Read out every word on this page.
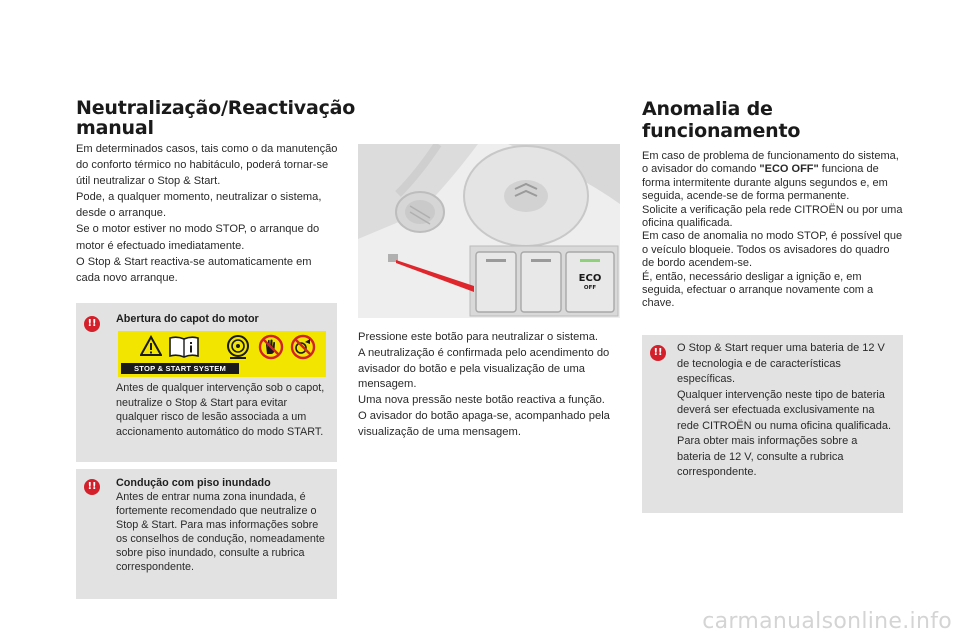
Neutralização/Reactivação
manual

Em determinados casos, tais como o da manutenção do conforto térmico no habitáculo, poderá tornar-se útil neutralizar o Stop & Start.

Pode, a qualquer momento, neutralizar o sistema, desde o arranque.

Se o motor estiver no modo STOP, o arranque do motor é efectuado imediatamente.

O Stop & Start reactiva-se automaticamente em cada novo arranque.

!!	Abertura do capot do motor
Antes de qualquer intervenção sob o capot, neutralize o Stop & Start para evitar qualquer risco de lesão associada a um accionamento automático do modo START.
STOP & START SYSTEM
!!	Condução com piso inundado
Antes de entrar numa zona inundada, é fortemente recomendado que neutralize o Stop & Start. Para mas informações sobre os conselhos de condução, nomeadamente sobre piso inundado, consulte a rubrica correspondente.
ECO
OFF

Pressione este botão para neutralizar o sistema.

A neutralização é confirmada pelo acendimento do avisador do botão e pela visualização de uma mensagem.

Uma nova pressão neste botão reactiva a função.

O avisador do botão apaga-se, acompanhado pela visualização de uma mensagem.

Anomalia de funcionamento

Em caso de problema de funcionamento do sistema, o avisador do comando "ECO OFF" funciona de forma intermitente durante alguns segundos e, em seguida, acende-se de forma permanente.

Solicite a verificação pela rede CITROËN ou por uma oficina qualificada.

Em caso de anomalia no modo STOP, é possível que o veículo bloqueie. Todos os avisadores do quadro de bordo acendem-se.

É, então, necessário desligar a ignição e, em seguida, efectuar o arranque novamente com a chave.

!!	O Stop & Start requer uma bateria de 12 V de tecnologia e de características específicas.

Qualquer intervenção neste tipo de bateria deverá ser efectuada exclusivamente na rede CITROËN ou numa oficina qualificada.

Para obter mais informações sobre a bateria de 12 V, consulte a rubrica correspondente.

carmanualsonline.info
